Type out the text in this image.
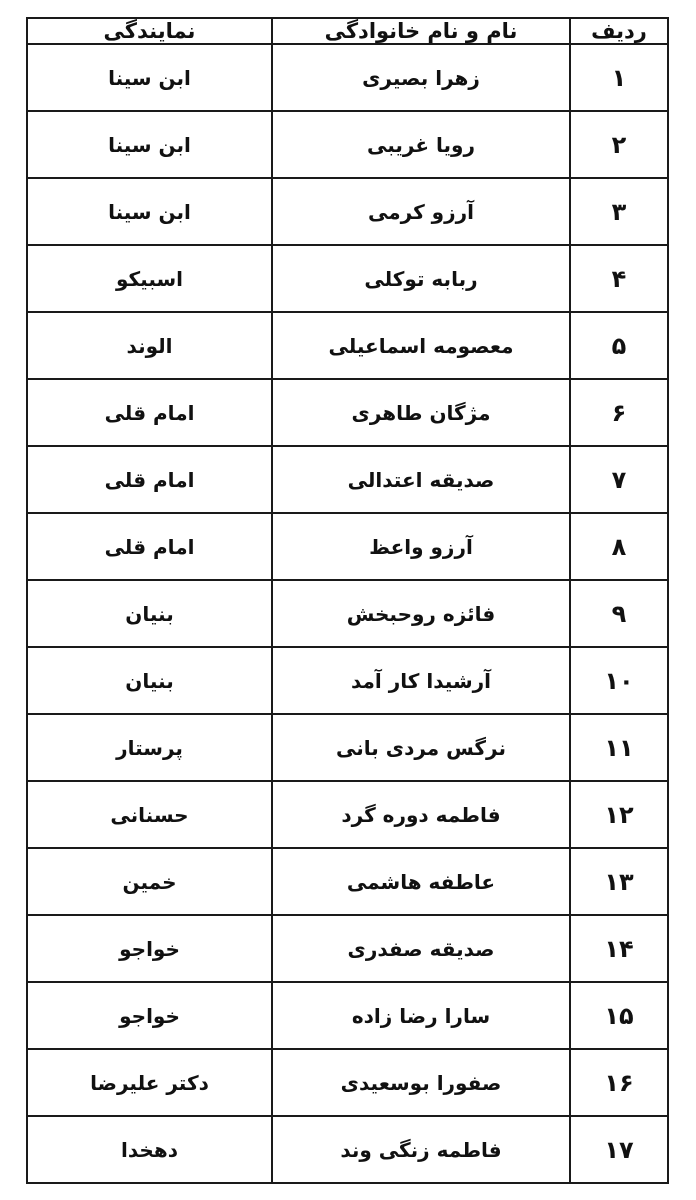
ردیف	نام و نام خانوادگی	نمایندگی
۱	زهرا بصیری	ابن سینا
۲	رویا غریبی	ابن سینا
۳	آرزو کرمی	ابن سینا
۴	ربابه توکلی	اسبیکو
۵	معصومه اسماعیلی	الوند
۶	مژگان طاهری	امام قلی
۷	صدیقه اعتدالی	امام قلی
۸	آرزو واعظ	امام قلی
۹	فائزه روحبخش	بنیان
۱۰	آرشیدا کار آمد	بنیان
۱۱	نرگس مردی بانی	پرستار
۱۲	فاطمه دوره گرد	حسنانی
۱۳	عاطفه هاشمی	خمین
۱۴	صدیقه صفدری	خواجو
۱۵	سارا رضا زاده	خواجو
۱۶	صفورا بوسعیدی	دکتر علیرضا
۱۷	فاطمه زنگی وند	دهخدا
